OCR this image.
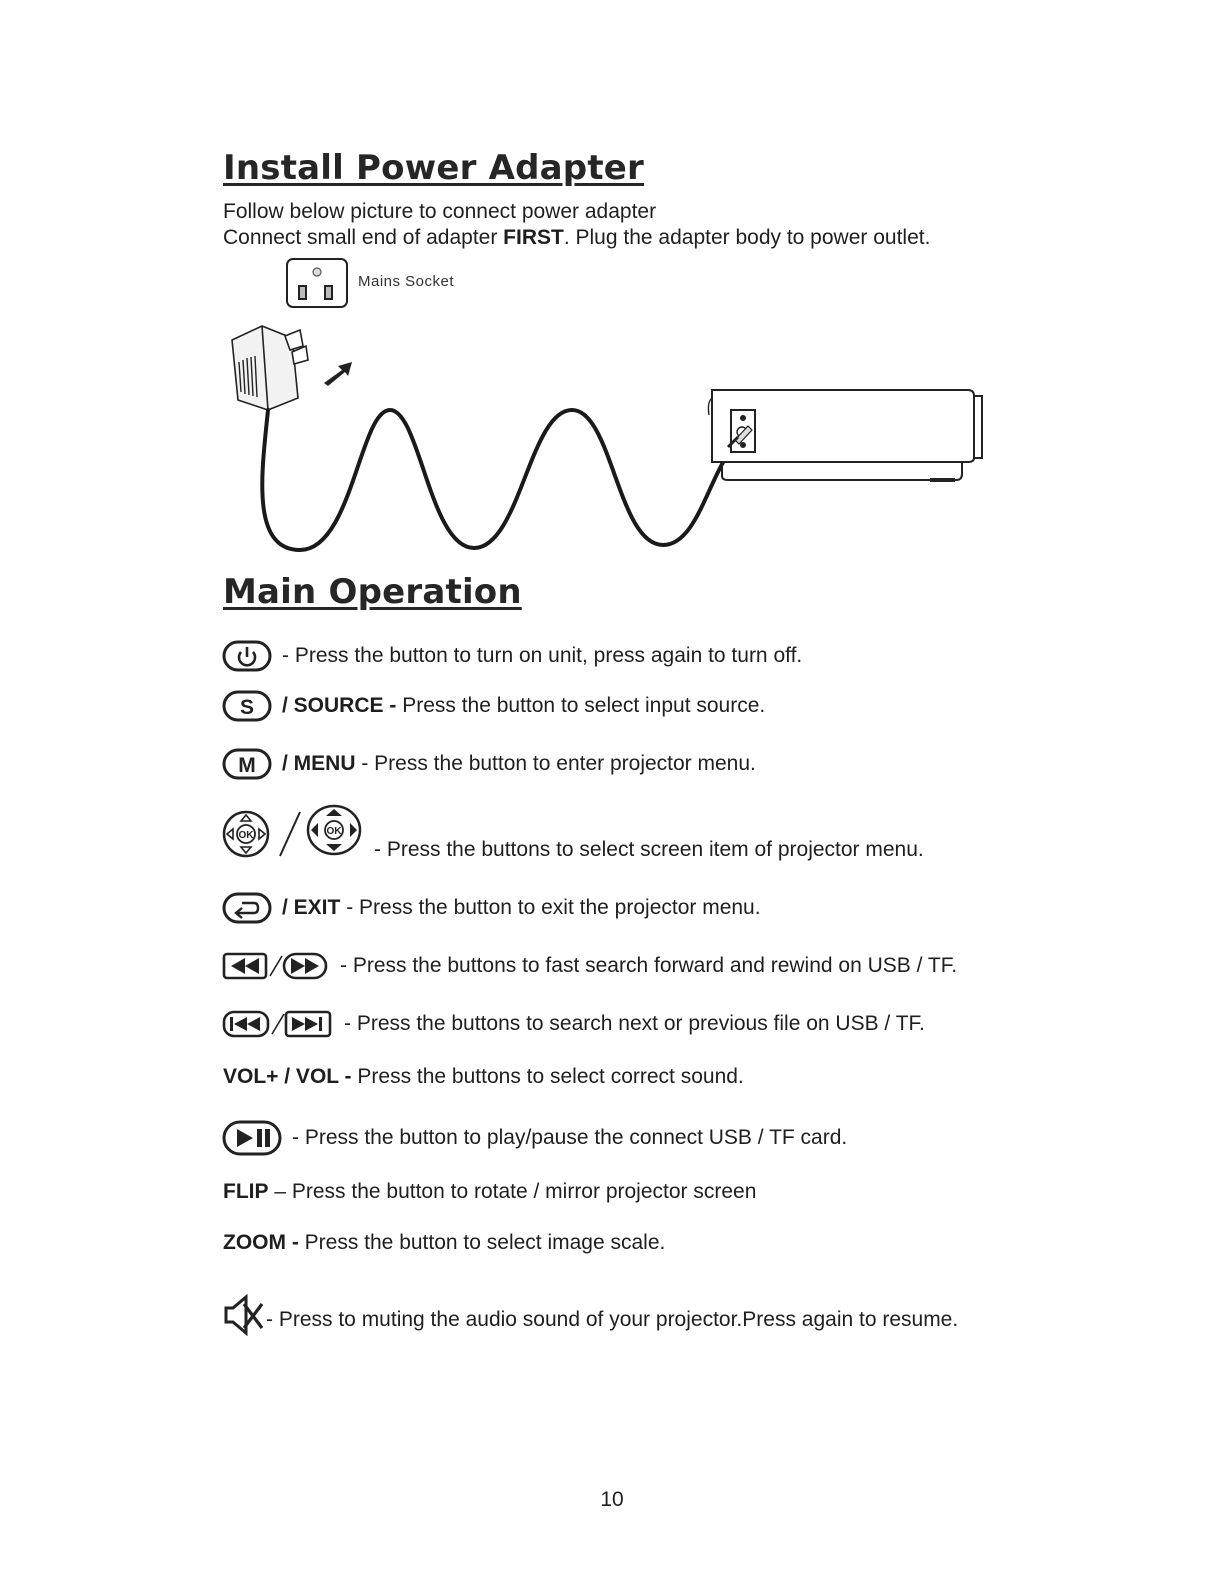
Install Power Adapter
Follow below picture to connect power adapter
Connect small end of adapter FIRST. Plug the adapter body to power outlet.
Mains Socket
Main Operation
- Press the button to turn on unit, press again to turn off.
S / SOURCE - Press the button to select input source.
M / MENU - Press the button to enter projector menu.
OK	OK
- Press the buttons to select screen item of projector menu.
/ EXIT - Press the button to exit the projector menu.
- Press the buttons to fast search forward and rewind on USB / TF.
- Press the buttons to search next or previous file on USB / TF.
VOL+ / VOL - Press the buttons to select correct sound.
- Press the button to play/pause the connect USB / TF card.
FLIP – Press the button to rotate / mirror projector screen
ZOOM - Press the button to select image scale.
- Press to muting the audio sound of your projector.Press again to resume.
10
